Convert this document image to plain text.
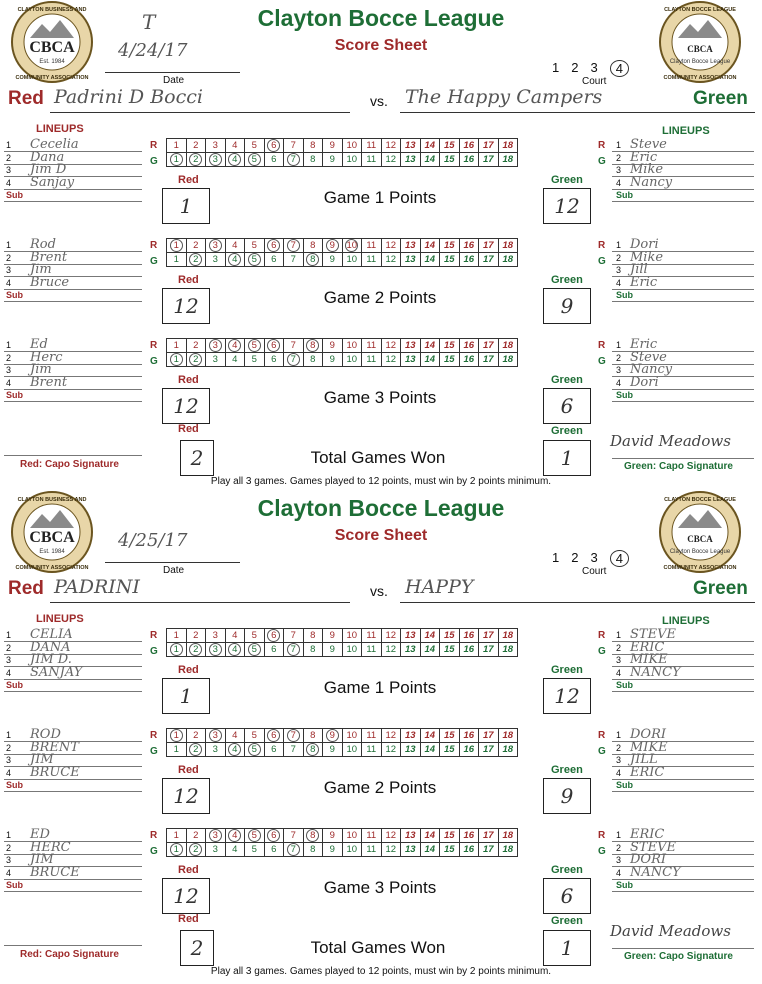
CBCA
Est. 1984
CLAYTON BUSINESS AND
COMMUNITY ASSOCIATION
CBCA
Clayton Bocce League
CLAYTON BOCCE LEAGUE
COMMUNITY ASSOCIATION
Clayton Bocce League
Score Sheet
T
4/24/17
Date
1 2 3	4
Court
Red Padrini D Bocci	vs. The Happy Campers	Green
LINEUPS	LINEUPS
1 Cecelia
2 Dana
3 Jim D
4 Sanjay
Sub
1 Steve
2 Eric
3 Mike
4 Nancy
Sub
R
G
R
G
1	2	3	4	5	6	7	8	9	10	11	12	13	14	15	16	17	18
1	2	3	4	5	6	7	8	9	10	11	12	13	14	15	16	17	18
Red	Green
1	12
Game 1 Points
1 Rod
2 Brent
3 Jim
4 Bruce
Sub
1 Dori
2 Mike
3 Jill
4 Eric
Sub
R
G
R
G
1	2	3	4	5	6	7	8	9	10	11	12	13	14	15	16	17	18
1	2	3	4	5	6	7	8	9	10	11	12	13	14	15	16	17	18
Red	Green
12	9
Game 2 Points
1 Ed
2 Herc
3 Jim
4 Brent
Sub
1 Eric
2 Steve
3 Nancy
4 Dori
Sub
R
G
R
G
1	2	3	4	5	6	7	8	9	10	11	12	13	14	15	16	17	18
1	2	3	4	5	6	7	8	9	10	11	12	13	14	15	16	17	18
Red	Green
12	6
Game 3 Points
Red	Green
2	1
Total Games Won
Red: Capo Signature
David Meadows
Green: Capo Signature
Play all 3 games. Games played to 12 points, must win by 2 points minimum.
CBCA
Est. 1984
CLAYTON BUSINESS AND
COMMUNITY ASSOCIATION
CBCA
Clayton Bocce League
CLAYTON BOCCE LEAGUE
COMMUNITY ASSOCIATION
Clayton Bocce League
Score Sheet
4/25/17
Date
1 2 3	4
Court
Red PADRINI	vs. HAPPY	Green
LINEUPS	LINEUPS
1 CELIA
2 DANA
3 JIM D.
4 SANJAY
Sub
1 STEVE
2 ERIC
3 MIKE
4 NANCY
Sub
R
G
R
G
1	2	3	4	5	6	7	8	9	10	11	12	13	14	15	16	17	18
1	2	3	4	5	6	7	8	9	10	11	12	13	14	15	16	17	18
Red	Green
1	12
Game 1 Points
1 ROD
2 BRENT
3 JIM
4 BRUCE
Sub
1 DORI
2 MIKE
3 JILL
4 ERIC
Sub
R
G
R
G
1	2	3	4	5	6	7	8	9	10	11	12	13	14	15	16	17	18
1	2	3	4	5	6	7	8	9	10	11	12	13	14	15	16	17	18
Red	Green
12	9
Game 2 Points
1 ED
2 HERC
3 JIM
4 BRUCE
Sub
1 ERIC
2 STEVE
3 DORI
4 NANCY
Sub
R
G
R
G
1	2	3	4	5	6	7	8	9	10	11	12	13	14	15	16	17	18
1	2	3	4	5	6	7	8	9	10	11	12	13	14	15	16	17	18
Red	Green
12	6
Game 3 Points
Red	Green
2	1
Total Games Won
Red: Capo Signature
David Meadows
Green: Capo Signature
Play all 3 games. Games played to 12 points, must win by 2 points minimum.
